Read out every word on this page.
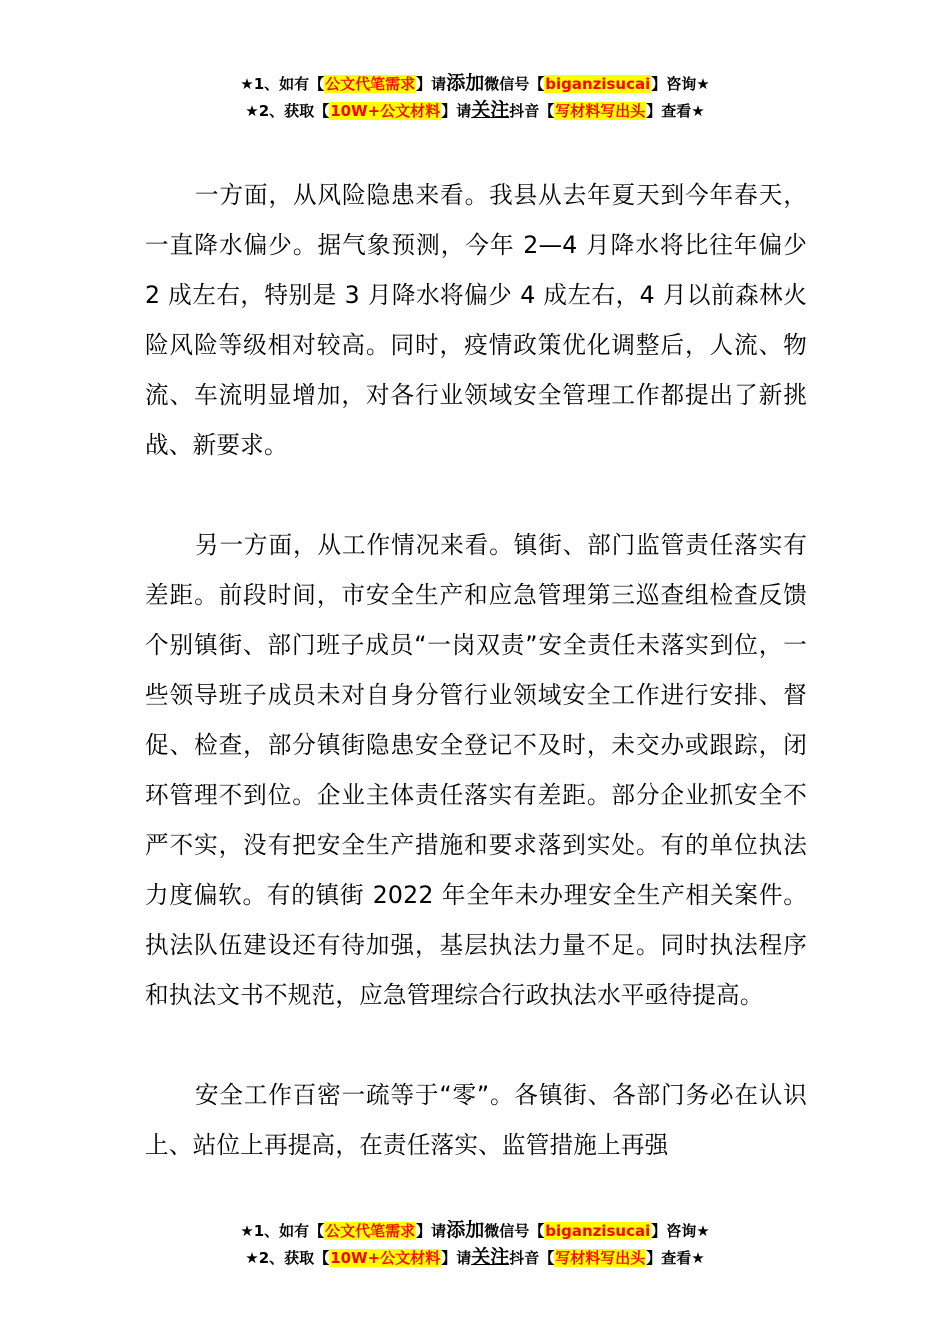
★1、如有【公文代笔需求】请添加微信号【biganzisucai】咨询★
★2、获取【10W+公文材料】请关注抖音【写材料写出头】查看★

一方面，从风险隐患来看。我县从去年夏天到今年春天，一直降水偏少。据气象预测，今年 2—4 月降水将比往年偏少 2 成左右，特别是 3 月降水将偏少 4 成左右，4 月以前森林火险风险等级相对较高。同时，疫情政策优化调整后，人流、物流、车流明显增加，对各行业领域安全管理工作都提出了新挑战、新要求。

另一方面，从工作情况来看。镇街、部门监管责任落实有差距。前段时间，市安全生产和应急管理第三巡查组检查反馈个别镇街、部门班子成员“一岗双责”安全责任未落实到位，一些领导班子成员未对自身分管行业领域安全工作进行安排、督促、检查，部分镇街隐患安全登记不及时，未交办或跟踪，闭环管理不到位。企业主体责任落实有差距。部分企业抓安全不严不实，没有把安全生产措施和要求落到实处。有的单位执法力度偏软。有的镇街 2022 年全年未办理安全生产相关案件。执法队伍建设还有待加强，基层执法力量不足。同时执法程序和执法文书不规范，应急管理综合行政执法水平亟待提高。

安全工作百密一疏等于“零”。各镇街、各部门务必在认识上、站位上再提高，在责任落实、监管措施上再强

★1、如有【公文代笔需求】请添加微信号【biganzisucai】咨询★
★2、获取【10W+公文材料】请关注抖音【写材料写出头】查看★
